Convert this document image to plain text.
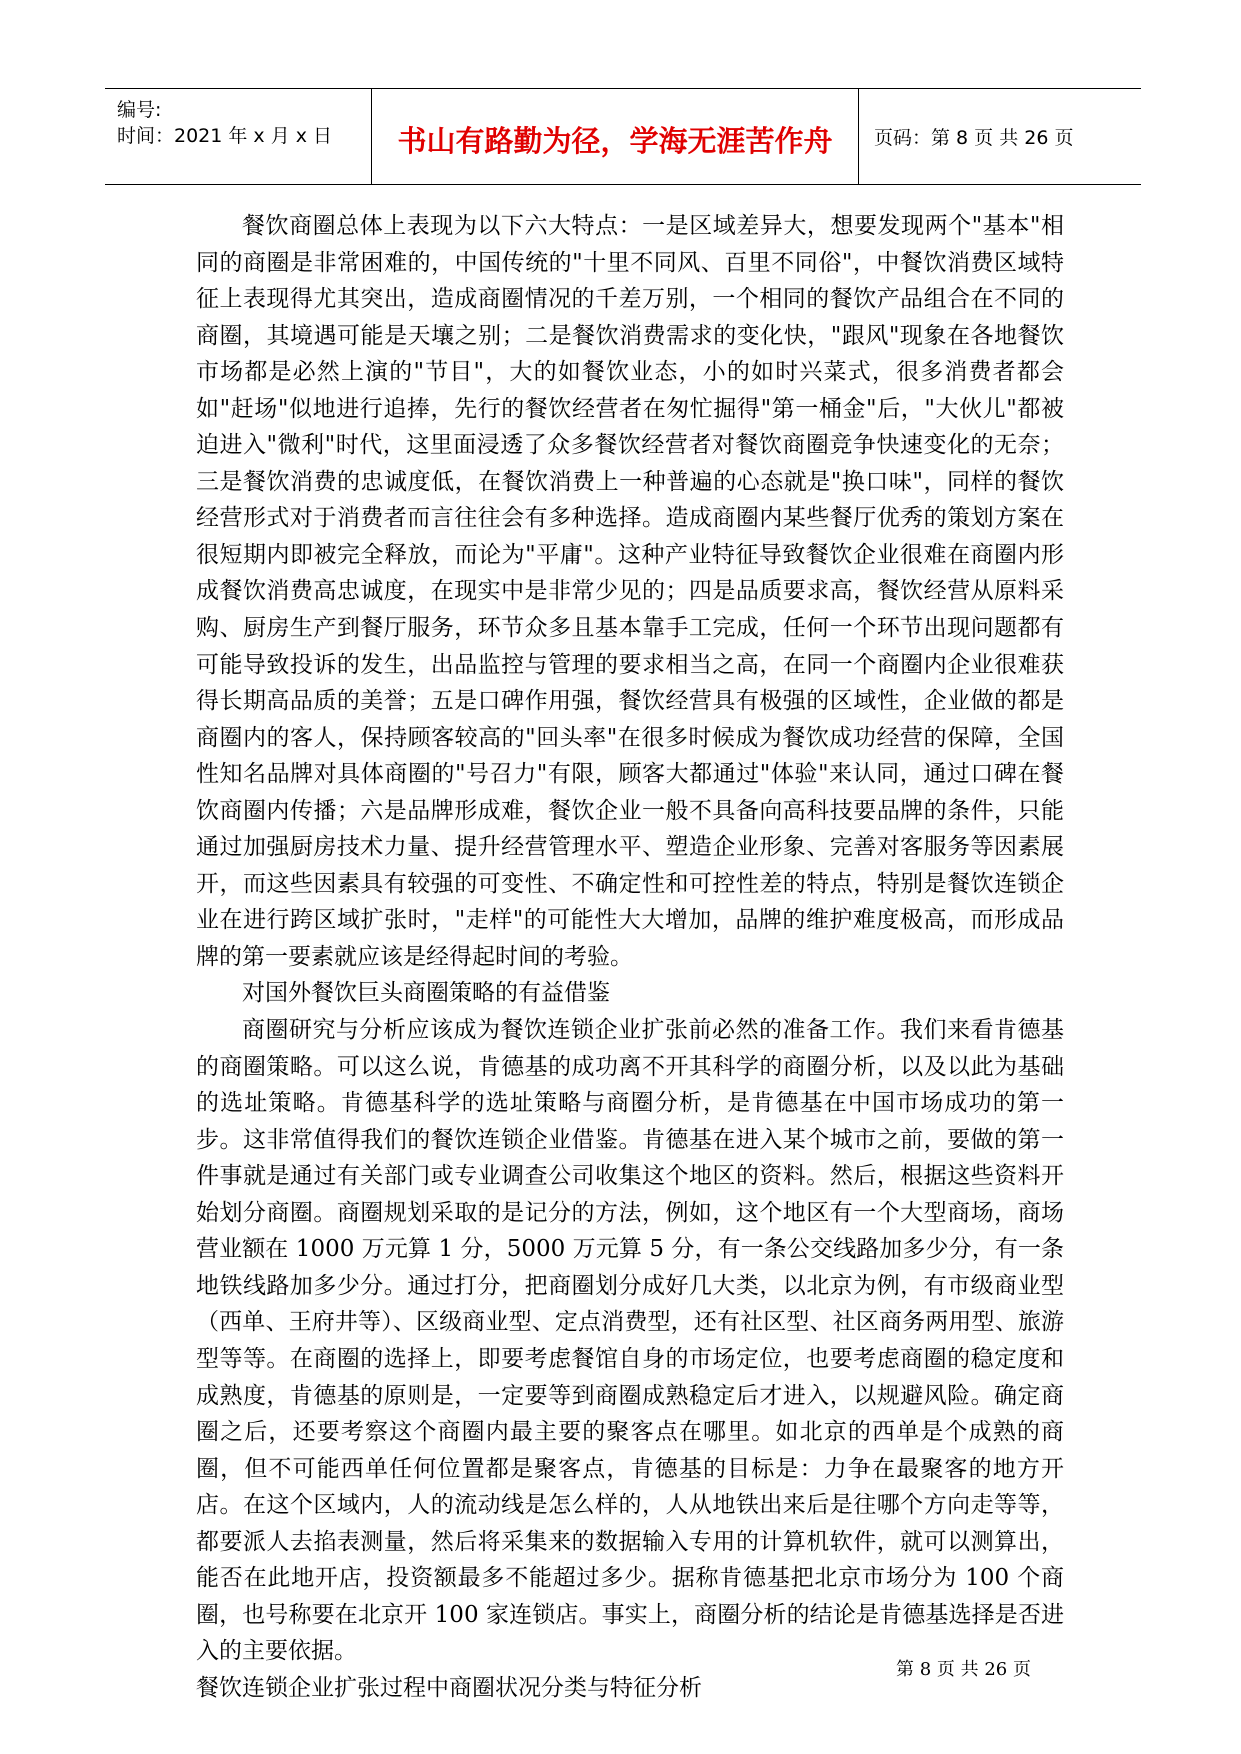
编号:
时间：2021 年 x 月 x 日	书山有路勤为径，学海无涯苦作舟	页码：第 8 页 共 26 页

餐饮商圈总体上表现为以下六大特点：一是区域差异大，想要发现两个"基本"相同的商圈是非常困难的，中国传统的"十里不同风、百里不同俗"，中餐饮消费区域特征上表现得尤其突出，造成商圈情况的千差万别，一个相同的餐饮产品组合在不同的商圈，其境遇可能是天壤之别；二是餐饮消费需求的变化快，"跟风"现象在各地餐饮市场都是必然上演的"节目"，大的如餐饮业态，小的如时兴菜式，很多消费者都会如"赶场"似地进行追捧，先行的餐饮经营者在匆忙掘得"第一桶金"后，"大伙儿"都被迫进入"微利"时代，这里面浸透了众多餐饮经营者对餐饮商圈竞争快速变化的无奈；三是餐饮消费的忠诚度低，在餐饮消费上一种普遍的心态就是"换口味"，同样的餐饮经营形式对于消费者而言往往会有多种选择。造成商圈内某些餐厅优秀的策划方案在很短期内即被完全释放，而论为"平庸"。这种产业特征导致餐饮企业很难在商圈内形成餐饮消费高忠诚度，在现实中是非常少见的；四是品质要求高，餐饮经营从原料采购、厨房生产到餐厅服务，环节众多且基本靠手工完成，任何一个环节出现问题都有可能导致投诉的发生，出品监控与管理的要求相当之高，在同一个商圈内企业很难获得长期高品质的美誉；五是口碑作用强，餐饮经营具有极强的区域性，企业做的都是商圈内的客人，保持顾客较高的"回头率"在很多时候成为餐饮成功经营的保障，全国性知名品牌对具体商圈的"号召力"有限，顾客大都通过"体验"来认同，通过口碑在餐饮商圈内传播；六是品牌形成难，餐饮企业一般不具备向高科技要品牌的条件，只能通过加强厨房技术力量、提升经营管理水平、塑造企业形象、完善对客服务等因素展开，而这些因素具有较强的可变性、不确定性和可控性差的特点，特别是餐饮连锁企业在进行跨区域扩张时，"走样"的可能性大大增加，品牌的维护难度极高，而形成品牌的第一要素就应该是经得起时间的考验。

对国外餐饮巨头商圈策略的有益借鉴

商圈研究与分析应该成为餐饮连锁企业扩张前必然的准备工作。我们来看肯德基的商圈策略。可以这么说，肯德基的成功离不开其科学的商圈分析，以及以此为基础的选址策略。肯德基科学的选址策略与商圈分析，是肯德基在中国市场成功的第一步。这非常值得我们的餐饮连锁企业借鉴。肯德基在进入某个城市之前，要做的第一件事就是通过有关部门或专业调查公司收集这个地区的资料。然后，根据这些资料开始划分商圈。商圈规划采取的是记分的方法，例如，这个地区有一个大型商场，商场营业额在 1000 万元算 1 分，5000 万元算 5 分，有一条公交线路加多少分，有一条地铁线路加多少分。通过打分，把商圈划分成好几大类，以北京为例，有市级商业型（西单、王府井等）、区级商业型、定点消费型，还有社区型、社区商务两用型、旅游型等等。在商圈的选择上，即要考虑餐馆自身的市场定位，也要考虑商圈的稳定度和成熟度，肯德基的原则是，一定要等到商圈成熟稳定后才进入，以规避风险。确定商圈之后，还要考察这个商圈内最主要的聚客点在哪里。如北京的西单是个成熟的商圈，但不可能西单任何位置都是聚客点，肯德基的目标是：力争在最聚客的地方开店。在这个区域内，人的流动线是怎么样的，人从地铁出来后是往哪个方向走等等，都要派人去掐表测量，然后将采集来的数据输入专用的计算机软件，就可以测算出，能否在此地开店，投资额最多不能超过多少。据称肯德基把北京市场分为 100 个商圈，也号称要在北京开 100 家连锁店。事实上，商圈分析的结论是肯德基选择是否进入的主要依据。

餐饮连锁企业扩张过程中商圈状况分类与特征分析

第 8 页 共 26 页
